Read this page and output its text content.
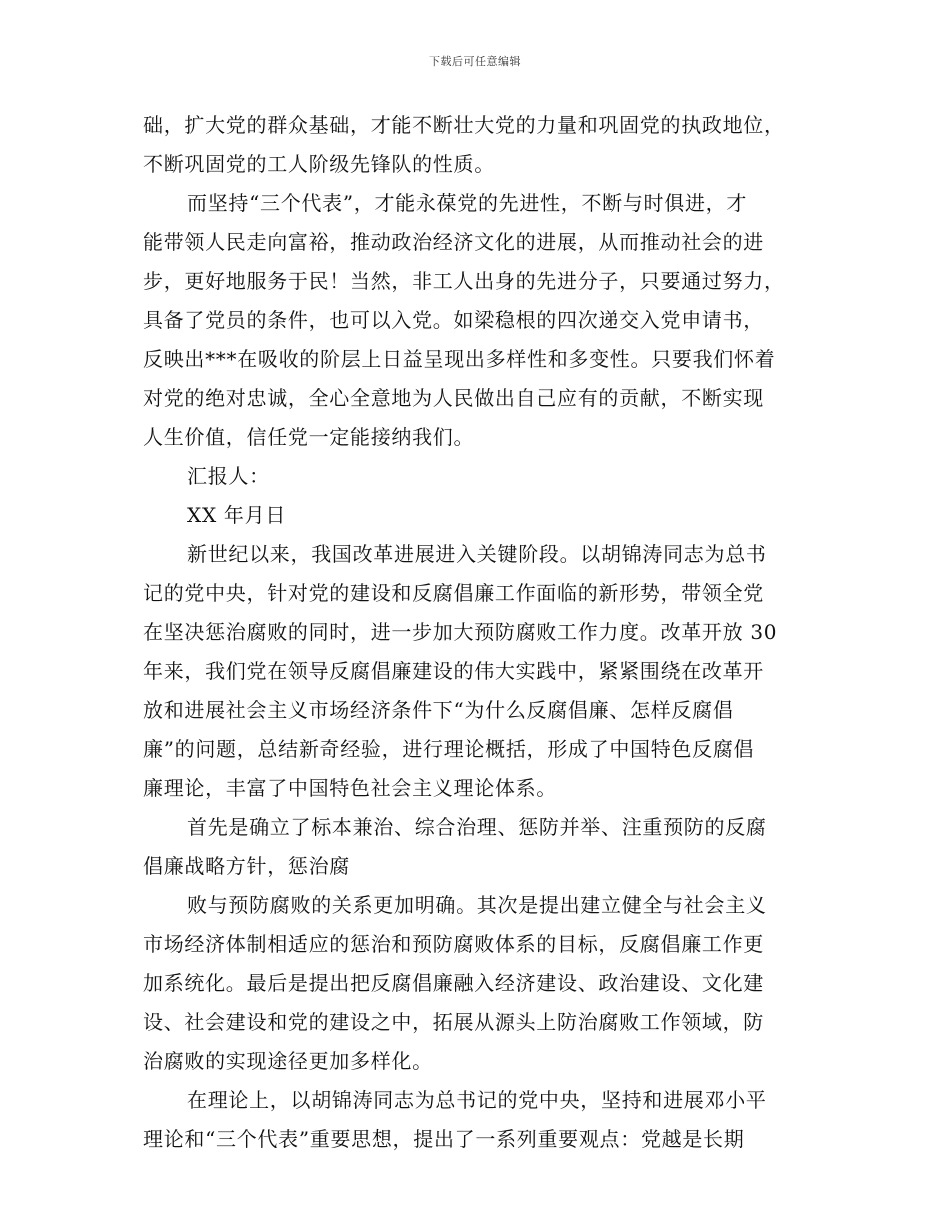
下载后可任意编辑
础，扩大党的群众基础，才能不断壮大党的力量和巩固党的执政地位，
不断巩固党的工人阶级先锋队的性质。
而坚持“三个代表”，才能永葆党的先进性，不断与时俱进，才
能带领人民走向富裕，推动政治经济文化的进展，从而推动社会的进
步，更好地服务于民！当然，非工人出身的先进分子，只要通过努力，
具备了党员的条件，也可以入党。如梁稳根的四次递交入党申请书，
反映出***在吸收的阶层上日益呈现出多样性和多变性。只要我们怀着
对党的绝对忠诚，全心全意地为人民做出自己应有的贡献，不断实现
人生价值，信任党一定能接纳我们。
汇报人：
XX 年月日
新世纪以来，我国改革进展进入关键阶段。以胡锦涛同志为总书
记的党中央，针对党的建设和反腐倡廉工作面临的新形势，带领全党
在坚决惩治腐败的同时，进一步加大预防腐败工作力度。改革开放 30
年来，我们党在领导反腐倡廉建设的伟大实践中，紧紧围绕在改革开
放和进展社会主义市场经济条件下“为什么反腐倡廉、怎样反腐倡
廉”的问题，总结新奇经验，进行理论概括，形成了中国特色反腐倡
廉理论，丰富了中国特色社会主义理论体系。
首先是确立了标本兼治、综合治理、惩防并举、注重预防的反腐
倡廉战略方针，惩治腐
败与预防腐败的关系更加明确。其次是提出建立健全与社会主义
市场经济体制相适应的惩治和预防腐败体系的目标，反腐倡廉工作更
加系统化。最后是提出把反腐倡廉融入经济建设、政治建设、文化建
设、社会建设和党的建设之中，拓展从源头上防治腐败工作领域，防
治腐败的实现途径更加多样化。
在理论上，以胡锦涛同志为总书记的党中央，坚持和进展邓小平
理论和“三个代表”重要思想，提出了一系列重要观点：党越是长期
